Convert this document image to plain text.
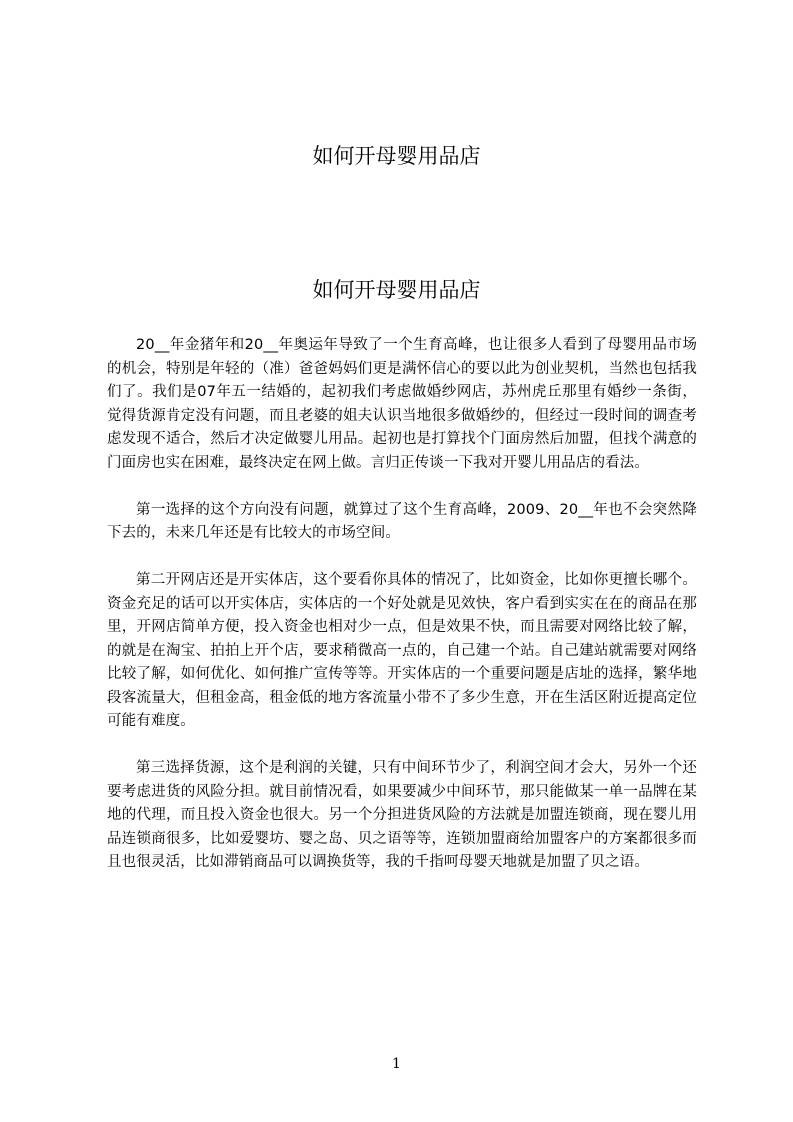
如何开母婴用品店
如何开母婴用品店

20__年金猪年和20__年奥运年导致了一个生育高峰，也让很多人看到了母婴用品市场的机会，特别是年轻的（准）爸爸妈妈们更是满怀信心的要以此为创业契机，当然也包括我们了。我们是07年五一结婚的，起初我们考虑做婚纱网店，苏州虎丘那里有婚纱一条街，觉得货源肯定没有问题，而且老婆的姐夫认识当地很多做婚纱的，但经过一段时间的调查考虑发现不适合，然后才决定做婴儿用品。起初也是打算找个门面房然后加盟，但找个满意的门面房也实在困难，最终决定在网上做。言归正传谈一下我对开婴儿用品店的看法。

第一选择的这个方向没有问题，就算过了这个生育高峰，2009、20__年也不会突然降下去的，未来几年还是有比较大的市场空间。

第二开网店还是开实体店，这个要看你具体的情况了，比如资金，比如你更擅长哪个。资金充足的话可以开实体店，实体店的一个好处就是见效快，客户看到实实在在的商品在那里，开网店简单方便，投入资金也相对少一点，但是效果不快，而且需要对网络比较了解，的就是在淘宝、拍拍上开个店，要求稍微高一点的，自己建一个站。自己建站就需要对网络比较了解，如何优化、如何推广宣传等等。开实体店的一个重要问题是店址的选择，繁华地段客流量大，但租金高，租金低的地方客流量小带不了多少生意，开在生活区附近提高定位可能有难度。

第三选择货源，这个是利润的关键，只有中间环节少了，利润空间才会大，另外一个还要考虑进货的风险分担。就目前情况看，如果要减少中间环节，那只能做某一单一品牌在某地的代理，而且投入资金也很大。另一个分担进货风险的方法就是加盟连锁商，现在婴儿用品连锁商很多，比如爱婴坊、婴之岛、贝之语等等，连锁加盟商给加盟客户的方案都很多而且也很灵活，比如滞销商品可以调换货等，我的千指呵母婴天地就是加盟了贝之语。

1
